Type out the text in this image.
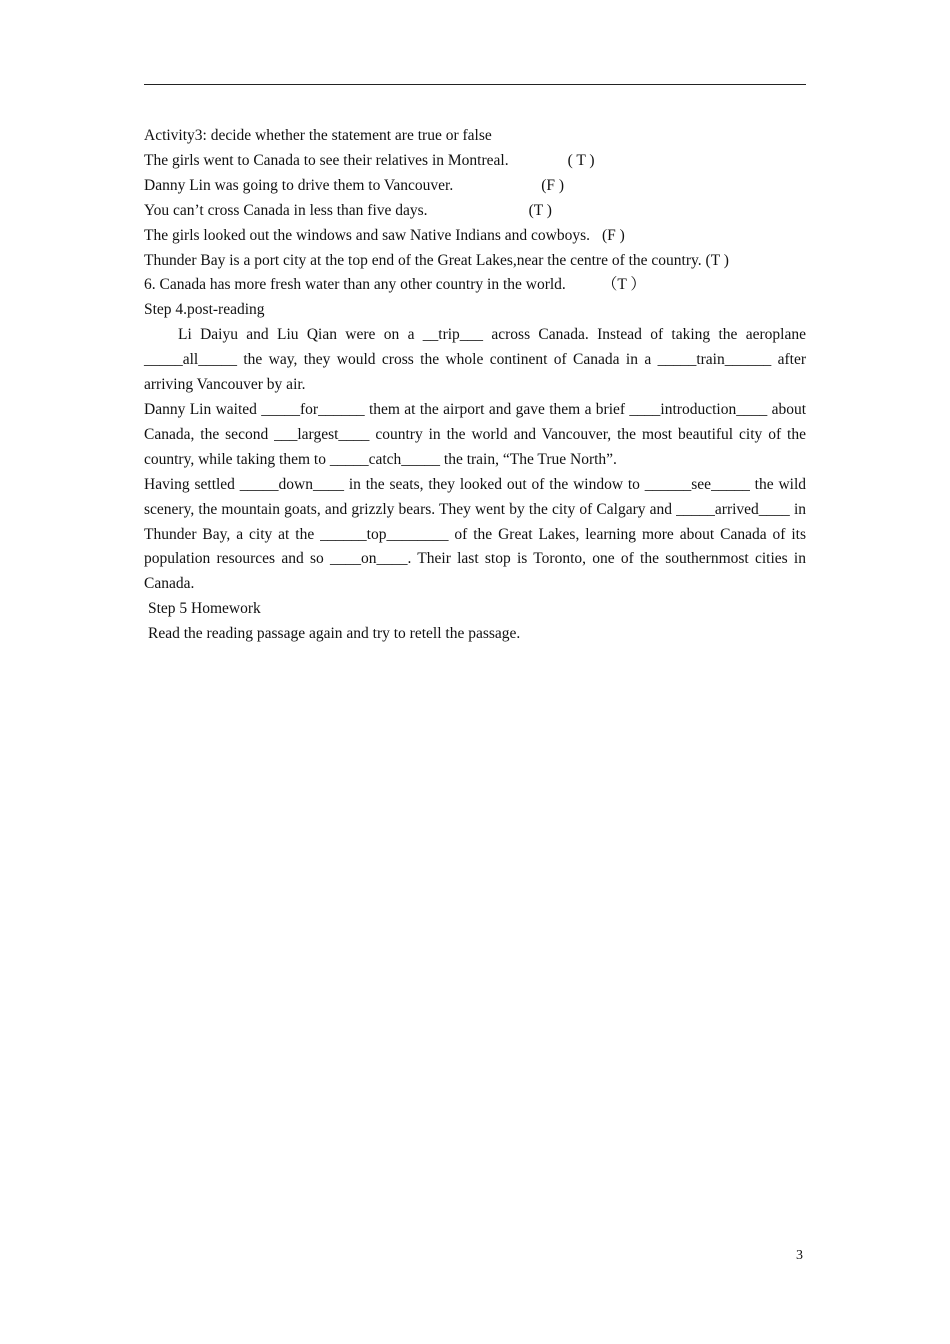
Activity3: decide whether the statement are true or false
The girls went to Canada to see their relatives in Montreal.	( T )
Danny Lin was going to drive them to Vancouver.	(F )
You can’t cross Canada in less than five days.	(T )
The girls looked out the windows and saw Native Indians and cowboys. (F )
Thunder Bay is a port city at the top end of the Great Lakes,near the centre of the country. (T )
6. Canada has more fresh water than any other country in the world. （T ）
Step 4.post-reading
Li Daiyu and Liu Qian were on a __trip___ across Canada. Instead of taking the aeroplane _____all_____ the way, they would cross the whole continent of Canada in a _____train______ after arriving Vancouver by air.
Danny Lin waited _____for______ them at the airport and gave them a brief ____introduction____ about Canada, the second ___largest____ country in the world and Vancouver, the most beautiful city of the country, while taking them to _____catch_____ the train, “The True North”.
Having settled _____down____ in the seats, they looked out of the window to ______see_____ the wild scenery, the mountain goats, and grizzly bears. They went by the city of Calgary and _____arrived____ in Thunder Bay, a city at the ______top________ of the Great Lakes, learning more about Canada of its population resources and so ____on____. Their last stop is Toronto, one of the southernmost cities in Canada.
Step 5 Homework
Read the reading passage again and try to retell the passage.
3
